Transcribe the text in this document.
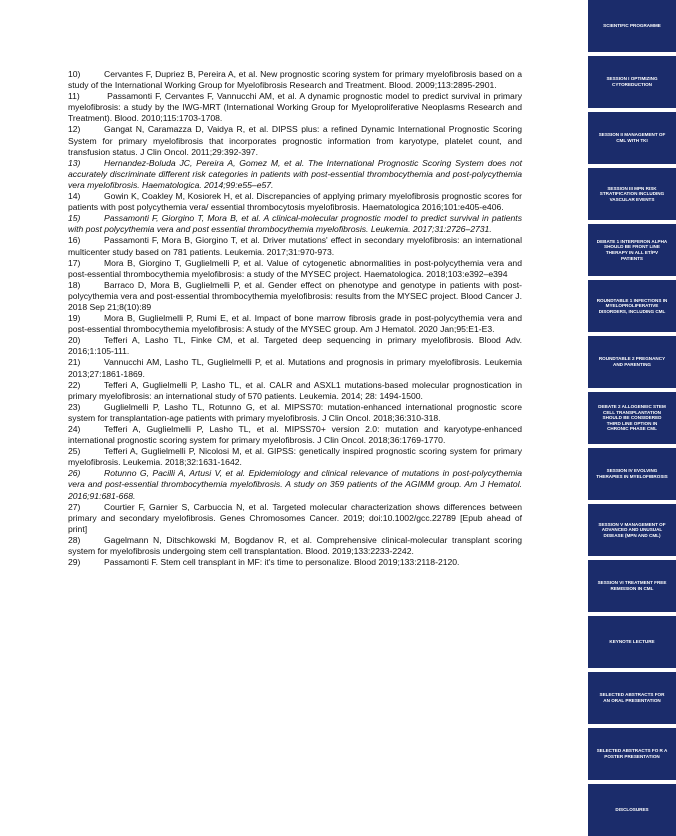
10)	Cervantes F, Dupriez B, Pereira A, et al. New prognostic scoring system for primary myelofibrosis based on a study of the International Working Group for Myelofibrosis Research and Treatment. Blood. 2009;113:2895-2901.

11)	Passamonti F, Cervantes F, Vannucchi AM, et al. A dynamic prognostic model to predict survival in primary myelofibrosis: a study by the IWG-MRT (International Working Group for Myeloproliferative Neoplasms Research and Treatment). Blood. 2010;115:1703-1708.

12)	Gangat N, Caramazza D, Vaidya R, et al. DIPSS plus: a refined Dynamic International Prognostic Scoring System for primary myelofibrosis that incorporates prognostic information from karyotype, platelet count, and transfusion status. J Clin Oncol. 2011;29:392-397.

13)	Hernandez-Boluda JC, Pereira A, Gomez M, et al. The International Prognostic Scoring System does not accurately discriminate different risk categories in patients with post-essential thrombocythemia and post-polycythemia vera myelofibrosis. Haematologica. 2014;99:e55–e57.

14)	Gowin K, Coakley M, Kosiorek H, et al. Discrepancies of applying primary myelofibrosis prognostic scores for patients with post polycythemia vera/ essential thrombocytosis myelofibrosis. Haematologica 2016;101:e405-e406.

15)	Passamonti F, Giorgino T, Mora B, et al. A clinical-molecular prognostic model to predict survival in patients with post polycythemia vera and post essential thrombocythemia myelofibrosis. Leukemia. 2017;31:2726–2731.

16)	Passamonti F, Mora B, Giorgino T, et al. Driver mutations' effect in secondary myelofibrosis: an international multicenter study based on 781 patients. Leukemia. 2017;31:970-973.

17)	Mora B, Giorgino T, Guglielmelli P, et al. Value of cytogenetic abnormalities in post-polycythemia vera and post-essential thrombocythemia myelofibrosis: a study of the MYSEC project. Haematologica. 2018;103:e392–e394

18)	Barraco D, Mora B, Guglielmelli P, et al. Gender effect on phenotype and genotype in patients with post-polycythemia vera and post-essential thrombocythemia myelofibrosis: results from the MYSEC project. Blood Cancer J. 2018 Sep 21;8(10):89

19)	Mora B, Guglielmelli P, Rumi E, et al. Impact of bone marrow fibrosis grade in post-polycythemia vera and post-essential thrombocythemia myelofibrosis: A study of the MYSEC group. Am J Hematol. 2020 Jan;95:E1-E3.

20)	Tefferi A, Lasho TL, Finke CM, et al. Targeted deep sequencing in primary myelofibrosis. Blood Adv. 2016;1:105-111.

21)	Vannucchi AM, Lasho TL, Guglielmelli P, et al. Mutations and prognosis in primary myelofibrosis. Leukemia 2013;27:1861-1869.

22)	Tefferi A, Guglielmelli P, Lasho TL, et al. CALR and ASXL1 mutations-based molecular prognostication in primary myelofibrosis: an international study of 570 patients. Leukemia. 2014; 28: 1494-1500.

23)	Guglielmelli P, Lasho TL, Rotunno G, et al. MIPSS70: mutation-enhanced international prognostic score system for transplantation-age patients with primary myelofibrosis. J Clin Oncol. 2018;36:310-318.

24)	Tefferi A, Guglielmelli P, Lasho TL, et al. MIPSS70+ version 2.0: mutation and karyotype-enhanced international prognostic scoring system for primary myelofibrosis. J Clin Oncol. 2018;36:1769-1770.

25)	Tefferi A, Guglielmelli P, Nicolosi M, et al. GIPSS: genetically inspired prognostic scoring system for primary myelofibrosis. Leukemia. 2018;32:1631-1642.

26)	Rotunno G, Pacilli A, Artusi V, et al. Epidemiology and clinical relevance of mutations in post-polycythemia vera and post-essential thrombocythemia myelofibrosis. A study on 359 patients of the AGIMM group. Am J Hematol. 2016;91:681-668.

27)	Courtier F, Garnier S, Carbuccia N, et al. Targeted molecular characterization shows differences between primary and secondary myelofibrosis. Genes Chromosomes Cancer. 2019; doi:10.1002/gcc.22789 [Epub ahead of print]

28)	Gagelmann N, Ditschkowski M, Bogdanov R, et al. Comprehensive clinical-molecular transplant scoring system for myelofibrosis undergoing stem cell transplantation. Blood. 2019;133:2233-2242.

29)	Passamonti F. Stem cell transplant in MF: it's time to personalize. Blood 2019;133:2118-2120.

SCIENTIFIC PROGRAMME
SESSION I OPTIMIZING CYTOREDUCTION
SESSION II MANAGEMENT OF CML WITH TKI
SESSION III MPN RISK STRATIFICATION INCLUDING VASCULAR EVENTS
DEBATE 1 INTERFERON ALPHA SHOULD BE FRONT LINE THERAPY IN ALL ET/PV PATIENTS
ROUNDTABLE 1 INFECTIONS IN MYELOPROLIFERATIVE DISORDERS, INCLUDING CML
ROUNDTABLE 2 PREGNANCY AND PARENTING
DEBATE 2 ALLOGENEIC STEM CELL TRANSPLANTATION SHOULD BE CONSIDERED THIRD LINE OPTION IN CHRONIC PHASE CML
SESSION IV EVOLVING THERAPIES IN MYELOFIBROSIS
SESSION V MANAGEMENT OF ADVANCED AND UNUSUAL DISEASE (MPN AND CML)
SESSION VI TREATMENT FREE REMISSION IN CML
KEYNOTE LECTURE
SELECTED ABSTRACTS FOR AN ORAL PRESENTATION
SELECTED ABSTRACTS FO R A POSTER PRESENTATION
DISCLOSURES
